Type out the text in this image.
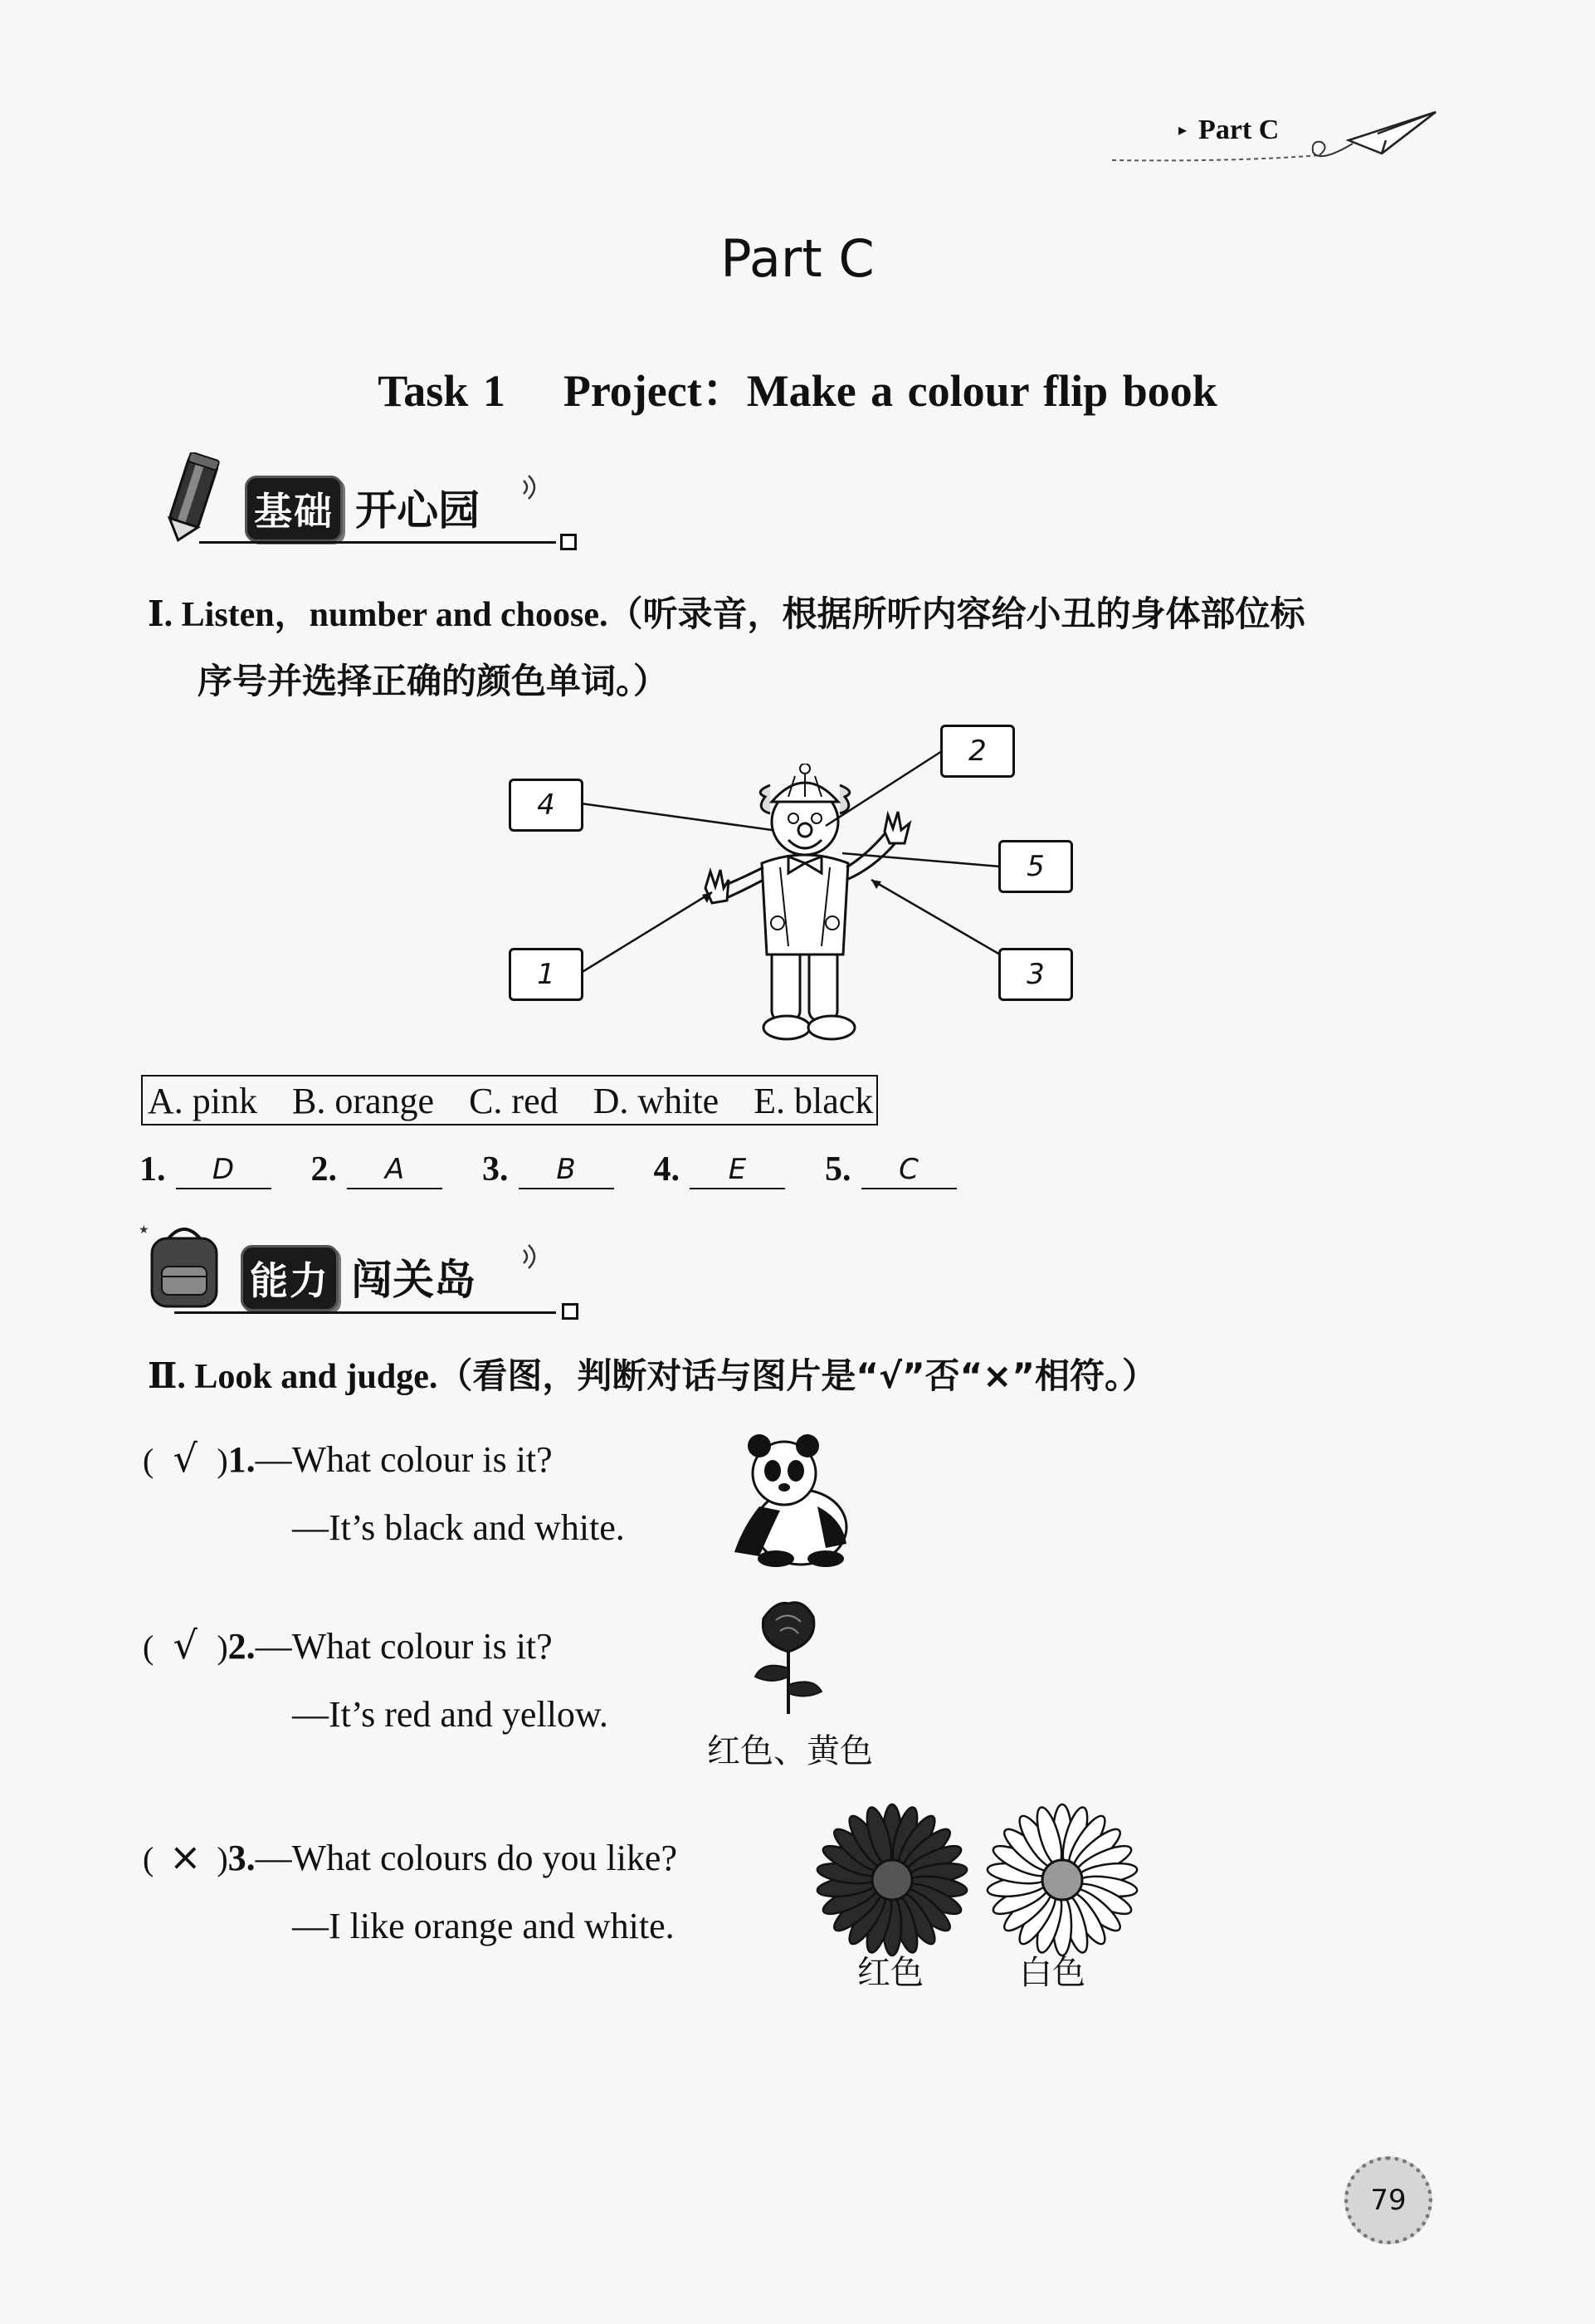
▸ Part C
Part C
Task 1 Project：Make a colour flip book
基础 开心园
Ⅰ. Listen，number and choose.（听录音，根据所听内容给小丑的身体部位标
序号并选择正确的颜色单词。）
4
2
5
1	3
A. pink B. orange C. red D. white E. black
1.	D	2.	A	3.	B	4.	E	5.	C
★
能力 闯关岛
Ⅱ. Look and judge.（看图，判断对话与图片是“√”否“×”相符。）
( √ )1.—What colour is it?
—It’s black and white.
( √ )2.—What colour is it?
—It’s red and yellow.
红色、黄色
( × )3.—What colours do you like?
—I like orange and white.
红色	白色
79
